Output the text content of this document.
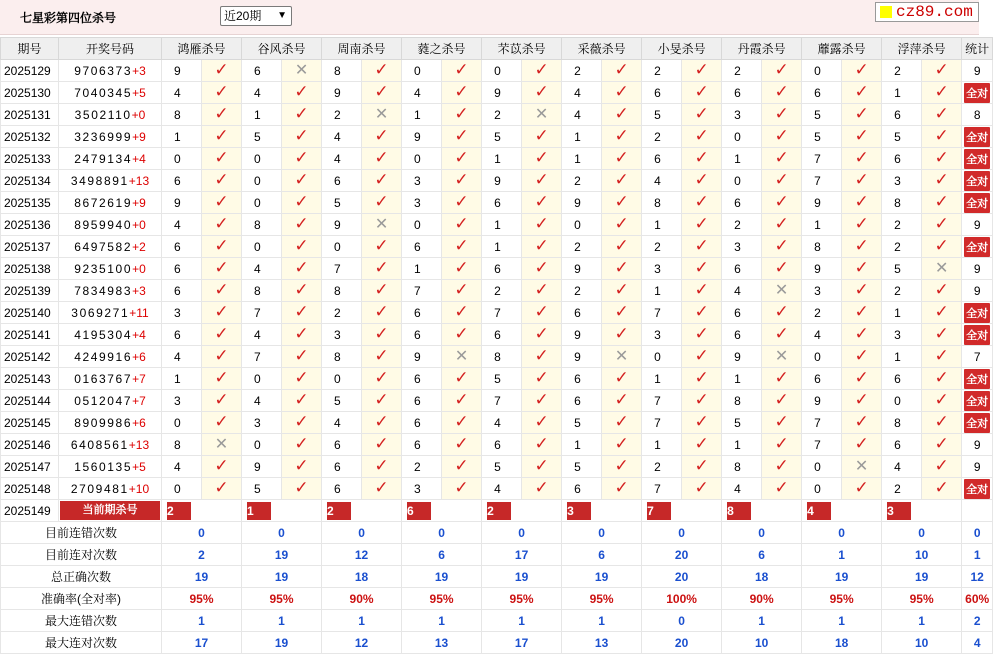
七星彩第四位杀号	近20期 ▼	cz89.com
期号	开奖号码	鸿雁杀号		谷风杀号		周南杀号		蕤之杀号		芣苡杀号		采薇杀号		小旻杀号		丹霞杀号		蘼露杀号		浮萍杀号		统计
2025129	9706373+3	9	✓	6	✕	8	✓	0	✓	0	✓	2	✓	2	✓	2	✓	0	✓	2	✓	9
2025130	7040345+5	4	✓	4	✓	9	✓	4	✓	9	✓	4	✓	6	✓	6	✓	6	✓	1	✓	全对
2025131	3502110+0	8	✓	1	✓	2	✕	1	✓	2	✕	4	✓	5	✓	3	✓	5	✓	6	✓	8
2025132	3236999+9	1	✓	5	✓	4	✓	9	✓	5	✓	1	✓	2	✓	0	✓	5	✓	5	✓	全对
2025133	2479134+4	0	✓	0	✓	4	✓	0	✓	1	✓	1	✓	6	✓	1	✓	7	✓	6	✓	全对
2025134	3498891+13	6	✓	0	✓	6	✓	3	✓	9	✓	2	✓	4	✓	0	✓	7	✓	3	✓	全对
2025135	8672619+9	9	✓	0	✓	5	✓	3	✓	6	✓	9	✓	8	✓	6	✓	9	✓	8	✓	全对
2025136	8959940+0	4	✓	8	✓	9	✕	0	✓	1	✓	0	✓	1	✓	2	✓	1	✓	2	✓	9
2025137	6497582+2	6	✓	0	✓	0	✓	6	✓	1	✓	2	✓	2	✓	3	✓	8	✓	2	✓	全对
2025138	9235100+0	6	✓	4	✓	7	✓	1	✓	6	✓	9	✓	3	✓	6	✓	9	✓	5	✕	9
2025139	7834983+3	6	✓	8	✓	8	✓	7	✓	2	✓	2	✓	1	✓	4	✕	3	✓	2	✓	9
2025140	3069271+11	3	✓	7	✓	2	✓	6	✓	7	✓	6	✓	7	✓	6	✓	2	✓	1	✓	全对
2025141	4195304+4	6	✓	4	✓	3	✓	6	✓	6	✓	9	✓	3	✓	6	✓	4	✓	3	✓	全对
2025142	4249916+6	4	✓	7	✓	8	✓	9	✕	8	✓	9	✕	0	✓	9	✕	0	✓	1	✓	7
2025143	0163767+7	1	✓	0	✓	0	✓	6	✓	5	✓	6	✓	1	✓	1	✓	6	✓	6	✓	全对
2025144	0512047+7	3	✓	4	✓	5	✓	6	✓	7	✓	6	✓	7	✓	8	✓	9	✓	0	✓	全对
2025145	8909986+6	0	✓	3	✓	4	✓	6	✓	4	✓	5	✓	7	✓	5	✓	7	✓	8	✓	全对
2025146	6408561+13	8	✕	0	✓	6	✓	6	✓	6	✓	1	✓	1	✓	1	✓	7	✓	6	✓	9
2025147	1560135+5	4	✓	9	✓	6	✓	2	✓	5	✓	5	✓	2	✓	8	✓	0	✕	4	✓	9
2025148	2709481+10	0	✓	5	✓	6	✓	3	✓	4	✓	6	✓	7	✓	4	✓	0	✓	2	✓	全对
2025149	当前期杀号	2		1		2		6		2		3		7		8		4		3		
目前连错次数		0		0		0		0		0		0		0		0		0		0		0
目前连对次数		2		19		12		6		17		6		20		6		1		10		1
总正确次数		19		19		18		19		19		19		20		18		19		19		12
准确率(全对率)		95%		95%		90%		95%		95%		95%		100%		90%		95%		95%		60%
最大连错次数		1		1		1		1		1		1		0		1		1		1		2
最大连对次数		17		19		12		13		17		13		20		10		18		10		4
